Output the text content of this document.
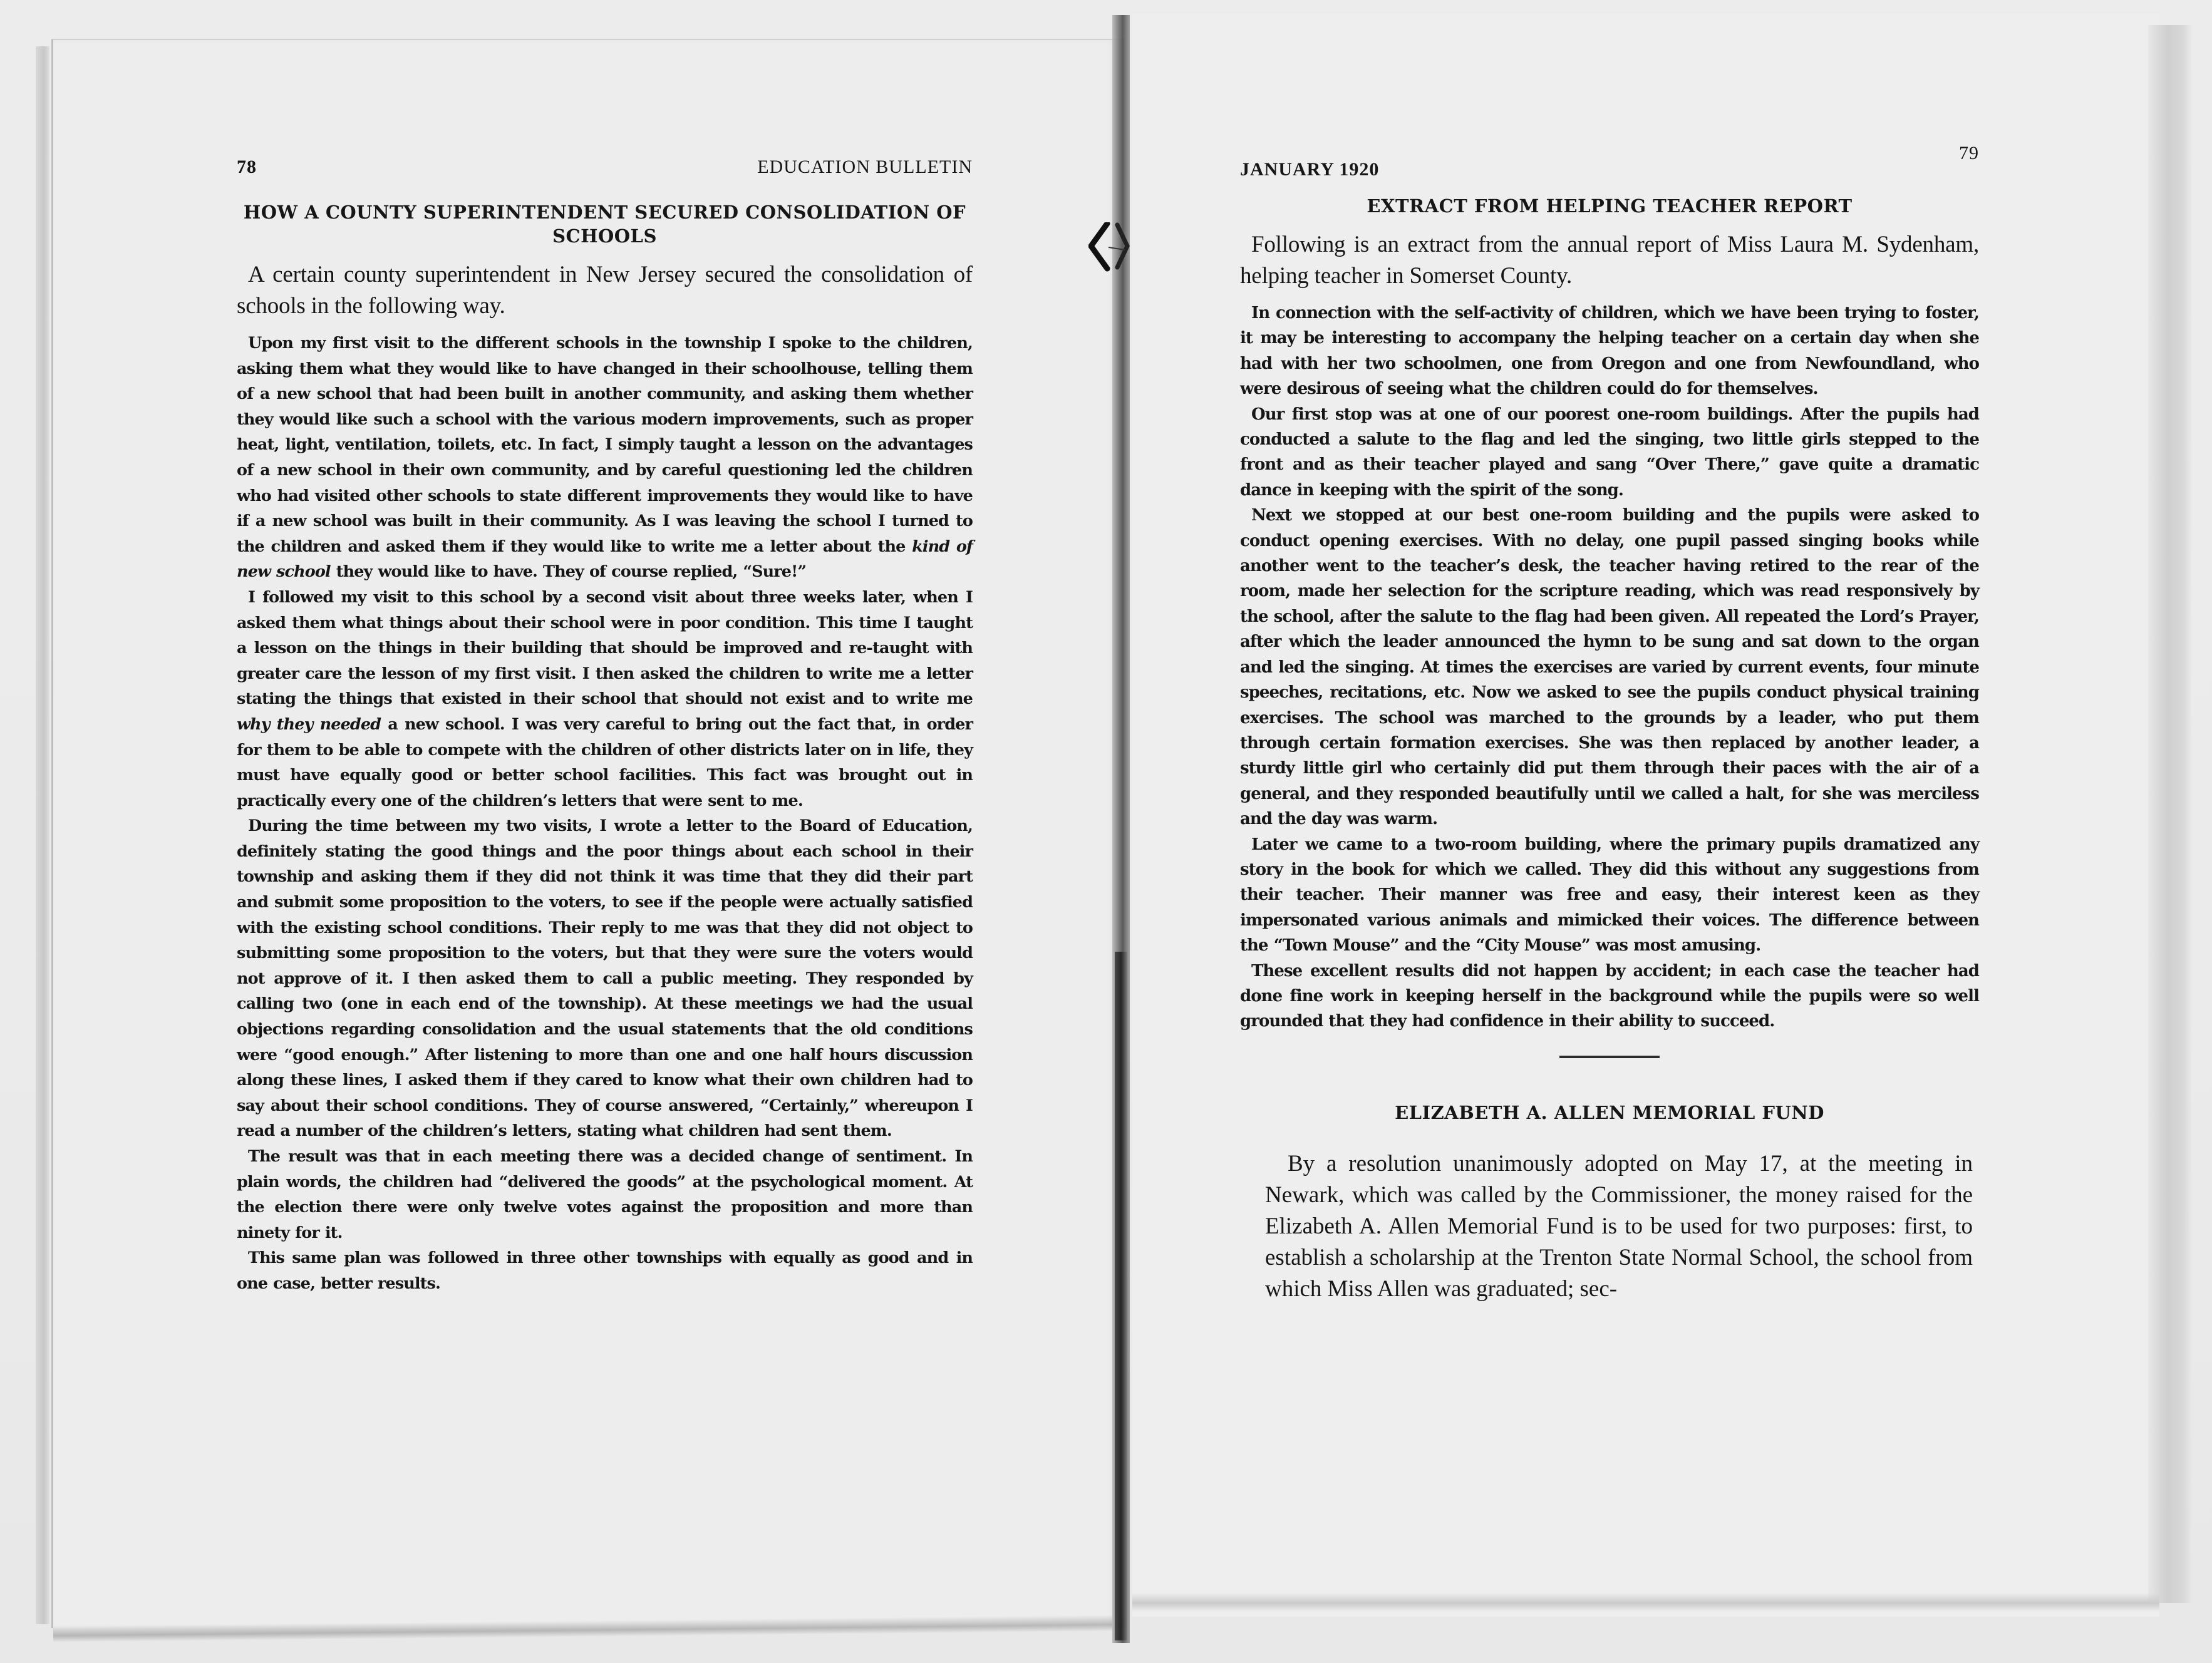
78	EDUCATION BULLETIN
HOW A COUNTY SUPERINTENDENT SECURED CONSOLIDATION OF SCHOOLS

A certain county superintendent in New Jersey secured the consolidation of schools in the following way.

Upon my first visit to the different schools in the township I spoke to the children, asking them what they would like to have changed in their schoolhouse, telling them of a new school that had been built in another community, and asking them whether they would like such a school with the various modern improvements, such as proper heat, light, ventilation, toilets, etc. In fact, I simply taught a lesson on the advantages of a new school in their own community, and by careful questioning led the children who had visited other schools to state different improvements they would like to have if a new school was built in their community. As I was leaving the school I turned to the children and asked them if they would like to write me a letter about the kind of new school they would like to have. They of course replied, “Sure!”

I followed my visit to this school by a second visit about three weeks later, when I asked them what things about their school were in poor condition. This time I taught a lesson on the things in their building that should be improved and re-taught with greater care the lesson of my first visit. I then asked the children to write me a letter stating the things that existed in their school that should not exist and to write me why they needed a new school. I was very careful to bring out the fact that, in order for them to be able to compete with the children of other districts later on in life, they must have equally good or better school facilities. This fact was brought out in practically every one of the children’s letters that were sent to me.

During the time between my two visits, I wrote a letter to the Board of Education, definitely stating the good things and the poor things about each school in their township and asking them if they did not think it was time that they did their part and submit some proposition to the voters, to see if the people were actually satisfied with the existing school conditions. Their reply to me was that they did not object to submitting some proposition to the voters, but that they were sure the voters would not approve of it. I then asked them to call a public meeting. They responded by calling two (one in each end of the township). At these meetings we had the usual objections regarding consolidation and the usual statements that the old conditions were “good enough.” After listening to more than one and one half hours discussion along these lines, I asked them if they cared to know what their own children had to say about their school conditions. They of course answered, “Certainly,” whereupon I read a number of the children’s letters, stating what children had sent them.

The result was that in each meeting there was a decided change of sentiment. In plain words, the children had “delivered the goods” at the psychological moment. At the election there were only twelve votes against the proposition and more than ninety for it.

This same plan was followed in three other townships with equally as good and in one case, better results.

JANUARY 1920
79
EXTRACT FROM HELPING TEACHER REPORT

Following is an extract from the annual report of Miss Laura M. Sydenham, helping teacher in Somerset County.

In connection with the self-activity of children, which we have been trying to foster, it may be interesting to accompany the helping teacher on a certain day when she had with her two schoolmen, one from Oregon and one from Newfoundland, who were desirous of seeing what the children could do for themselves.

Our first stop was at one of our poorest one-room buildings. After the pupils had conducted a salute to the flag and led the singing, two little girls stepped to the front and as their teacher played and sang “Over There,” gave quite a dramatic dance in keeping with the spirit of the song.

Next we stopped at our best one-room building and the pupils were asked to conduct opening exercises. With no delay, one pupil passed singing books while another went to the teacher’s desk, the teacher having retired to the rear of the room, made her selection for the scripture reading, which was read responsively by the school, after the salute to the flag had been given. All repeated the Lord’s Prayer, after which the leader announced the hymn to be sung and sat down to the organ and led the singing. At times the exercises are varied by current events, four minute speeches, recitations, etc. Now we asked to see the pupils conduct physical training exercises. The school was marched to the grounds by a leader, who put them through certain formation exercises. She was then replaced by another leader, a sturdy little girl who certainly did put them through their paces with the air of a general, and they responded beautifully until we called a halt, for she was merciless and the day was warm.

Later we came to a two-room building, where the primary pupils dramatized any story in the book for which we called. They did this without any suggestions from their teacher. Their manner was free and easy, their interest keen as they impersonated various animals and mimicked their voices. The difference between the “Town Mouse” and the “City Mouse” was most amusing.

These excellent results did not happen by accident; in each case the teacher had done fine work in keeping herself in the background while the pupils were so well grounded that they had confidence in their ability to succeed.

ELIZABETH A. ALLEN MEMORIAL FUND

By a resolution unanimously adopted on May 17, at the meeting in Newark, which was called by the Commissioner, the money raised for the Elizabeth A. Allen Memorial Fund is to be used for two purposes: first, to establish a scholarship at the Trenton State Normal School, the school from which Miss Allen was graduated; sec-
